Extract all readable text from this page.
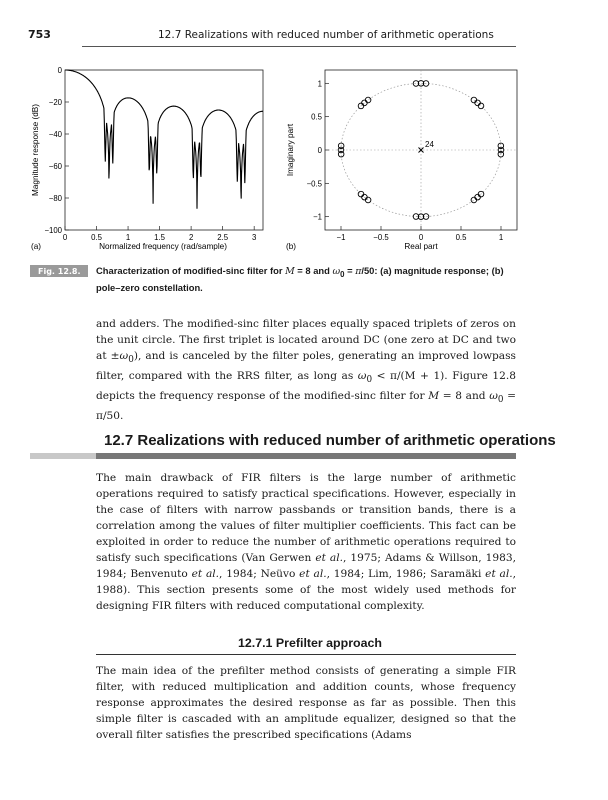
753	12.7 Realizations with reduced number of arithmetic operations
Magnitude response (dB)
Normalized frequency (rad/sample)
(a)
0
−20
−40
−60
−80
−100
0	0.5	1	1.5	2	2.5	3
Imaginary part
Real part
(b)
1
0.5
0
−0.5
−1
−1	−0.5	0	0.5	1
24
Fig. 12.8.	Characterization of modified-sinc filter for M = 8 and $\omega_0 = \pi/50$: (a) magnitude response; (b) pole–zero constellation.
and adders. The modified-sinc filter places equally spaced triplets of zeros on the unit circle. The first triplet is located around DC (one zero at DC and two at $\pm\omega_0$), and is canceled by the filter poles, generating an improved lowpass filter, compared with the RRS filter, as long as $\omega_0 < \pi/(M + 1)$. Figure 12.8 depicts the frequency response of the modified-sinc filter for M = 8 and $\omega_0 = \pi/50$.
12.7 Realizations with reduced number of arithmetic operations
The main drawback of FIR filters is the large number of arithmetic operations required to satisfy practical specifications. However, especially in the case of filters with narrow passbands or transition bands, there is a correlation among the values of filter multiplier coefficients. This fact can be exploited in order to reduce the number of arithmetic operations required to satisfy such specifications (Van Gerwen et al., 1975; Adams & Willson, 1983, 1984; Benvenuto et al., 1984; Neüvo et al., 1984; Lim, 1986; Saramäki et al., 1988). This section presents some of the most widely used methods for designing FIR filters with reduced computational complexity.
12.7.1 Prefilter approach
The main idea of the prefilter method consists of generating a simple FIR filter, with reduced multiplication and addition counts, whose frequency response approximates the desired response as far as possible. Then this simple filter is cascaded with an amplitude equalizer, designed so that the overall filter satisfies the prescribed specifications (Adams
